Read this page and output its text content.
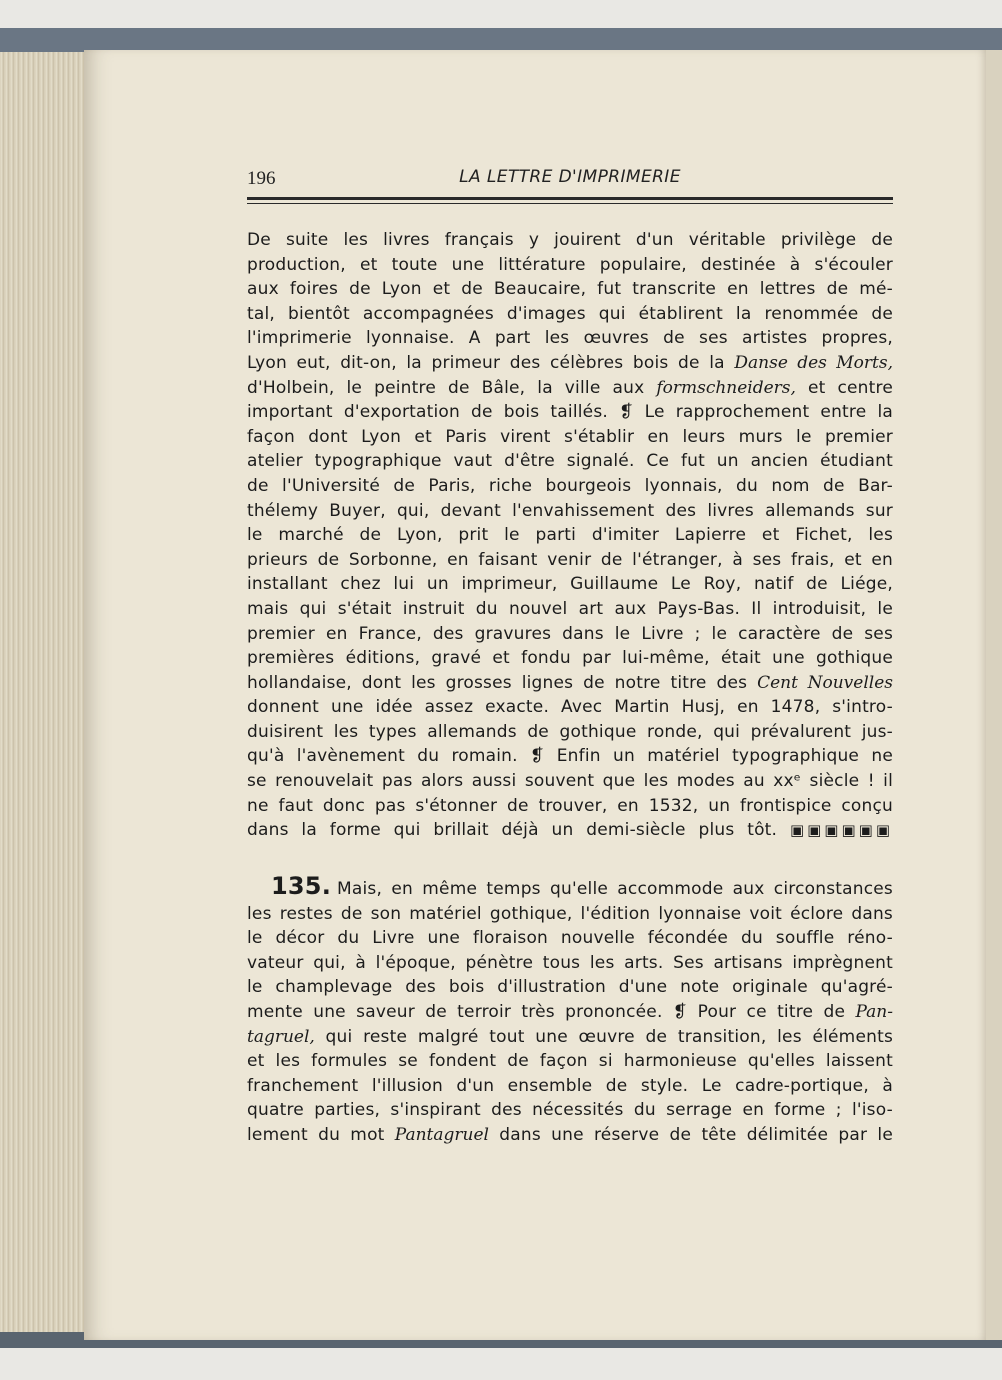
196	LA LETTRE D'IMPRIMERIE
De suite les livres français y jouirent d'un véritable privilège de
production, et toute une littérature populaire, destinée à s'écouler
aux foires de Lyon et de Beaucaire, fut transcrite en lettres de mé-
tal, bientôt accompagnées d'images qui établirent la renommée de
l'imprimerie lyonnaise. A part les œuvres de ses artistes propres,
Lyon eut, dit-on, la primeur des célèbres bois de la Danse des Morts,
d'Holbein, le peintre de Bâle, la ville aux formschneiders, et centre
important d'exportation de bois taillés. ❡ Le rapprochement entre la
façon dont Lyon et Paris virent s'établir en leurs murs le premier
atelier typographique vaut d'être signalé. Ce fut un ancien étudiant
de l'Université de Paris, riche bourgeois lyonnais, du nom de Bar-
thélemy Buyer, qui, devant l'envahissement des livres allemands sur
le marché de Lyon, prit le parti d'imiter Lapierre et Fichet, les
prieurs de Sorbonne, en faisant venir de l'étranger, à ses frais, et en
installant chez lui un imprimeur, Guillaume Le Roy, natif de Liége,
mais qui s'était instruit du nouvel art aux Pays-Bas. Il introduisit, le
premier en France, des gravures dans le Livre ; le caractère de ses
premières éditions, gravé et fondu par lui-même, était une gothique
hollandaise, dont les grosses lignes de notre titre des Cent Nouvelles
donnent une idée assez exacte. Avec Martin Husj, en 1478, s'intro-
duisirent les types allemands de gothique ronde, qui prévalurent jus-
qu'à l'avènement du romain. ❡ Enfin un matériel typographique ne
se renouvelait pas alors aussi souvent que les modes au xxᵉ siècle ! il
ne faut donc pas s'étonner de trouver, en 1532, un frontispice conçu
dans la forme qui brillait déjà un demi-siècle plus tôt. ▣▣▣▣▣▣
135. Mais, en même temps qu'elle accommode aux circonstances
les restes de son matériel gothique, l'édition lyonnaise voit éclore dans
le décor du Livre une floraison nouvelle fécondée du souffle réno-
vateur qui, à l'époque, pénètre tous les arts. Ses artisans imprègnent
le champlevage des bois d'illustration d'une note originale qu'agré-
mente une saveur de terroir très prononcée. ❡ Pour ce titre de Pan-
tagruel, qui reste malgré tout une œuvre de transition, les éléments
et les formules se fondent de façon si harmonieuse qu'elles laissent
franchement l'illusion d'un ensemble de style. Le cadre-portique, à
quatre parties, s'inspirant des nécessités du serrage en forme ; l'iso-
lement du mot Pantagruel dans une réserve de tête délimitée par le
